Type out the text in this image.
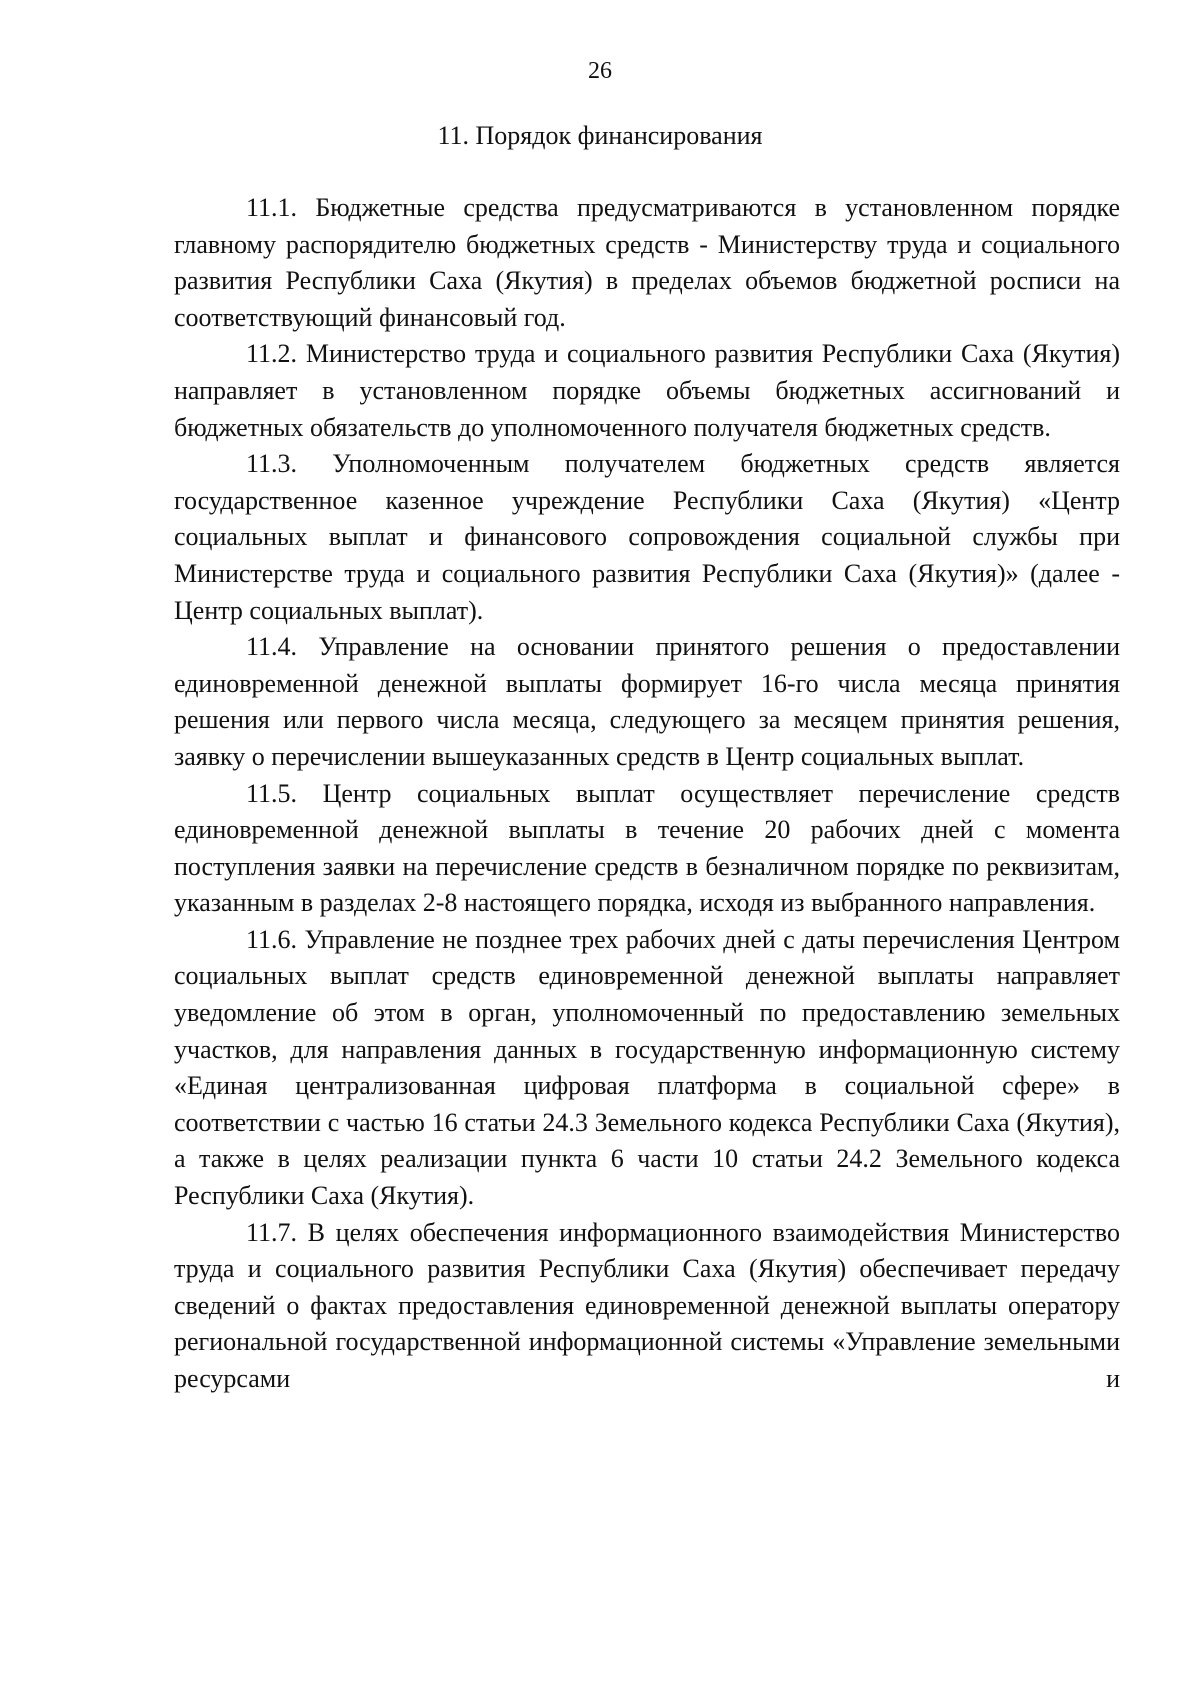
26
11. Порядок финансирования

11.1. Бюджетные средства предусматриваются в установленном порядке главному распорядителю бюджетных средств - Министерству труда и социального развития Республики Саха (Якутия) в пределах объемов бюджетной росписи на соответствующий финансовый год.

11.2. Министерство труда и социального развития Республики Саха (Якутия) направляет в установленном порядке объемы бюджетных ассигнований и бюджетных обязательств до уполномоченного получателя бюджетных средств.

11.3. Уполномоченным получателем бюджетных средств является государственное казенное учреждение Республики Саха (Якутия) «Центр социальных выплат и финансового сопровождения социальной службы при Министерстве труда и социального развития Республики Саха (Якутия)» (далее - Центр социальных выплат).

11.4. Управление на основании принятого решения о предоставлении единовременной денежной выплаты формирует 16-го числа месяца принятия решения или первого числа месяца, следующего за месяцем принятия решения, заявку о перечислении вышеуказанных средств в Центр социальных выплат.

11.5. Центр социальных выплат осуществляет перечисление средств единовременной денежной выплаты в течение 20 рабочих дней с момента поступления заявки на перечисление средств в безналичном порядке по реквизитам, указанным в разделах 2-8 настоящего порядка, исходя из выбранного направления.

11.6. Управление не позднее трех рабочих дней с даты перечисления Центром социальных выплат средств единовременной денежной выплаты направляет уведомление об этом в орган, уполномоченный по предоставлению земельных участков, для направления данных в государственную информационную систему «Единая централизованная цифровая платформа в социальной сфере» в соответствии с частью 16 статьи 24.3 Земельного кодекса Республики Саха (Якутия), а также в целях реализации пункта 6 части 10 статьи 24.2 Земельного кодекса Республики Саха (Якутия).

11.7. В целях обеспечения информационного взаимодействия Министерство труда и социального развития Республики Саха (Якутия) обеспечивает передачу сведений о фактах предоставления единовременной денежной выплаты оператору региональной государственной информационной системы «Управление земельными ресурсами и
